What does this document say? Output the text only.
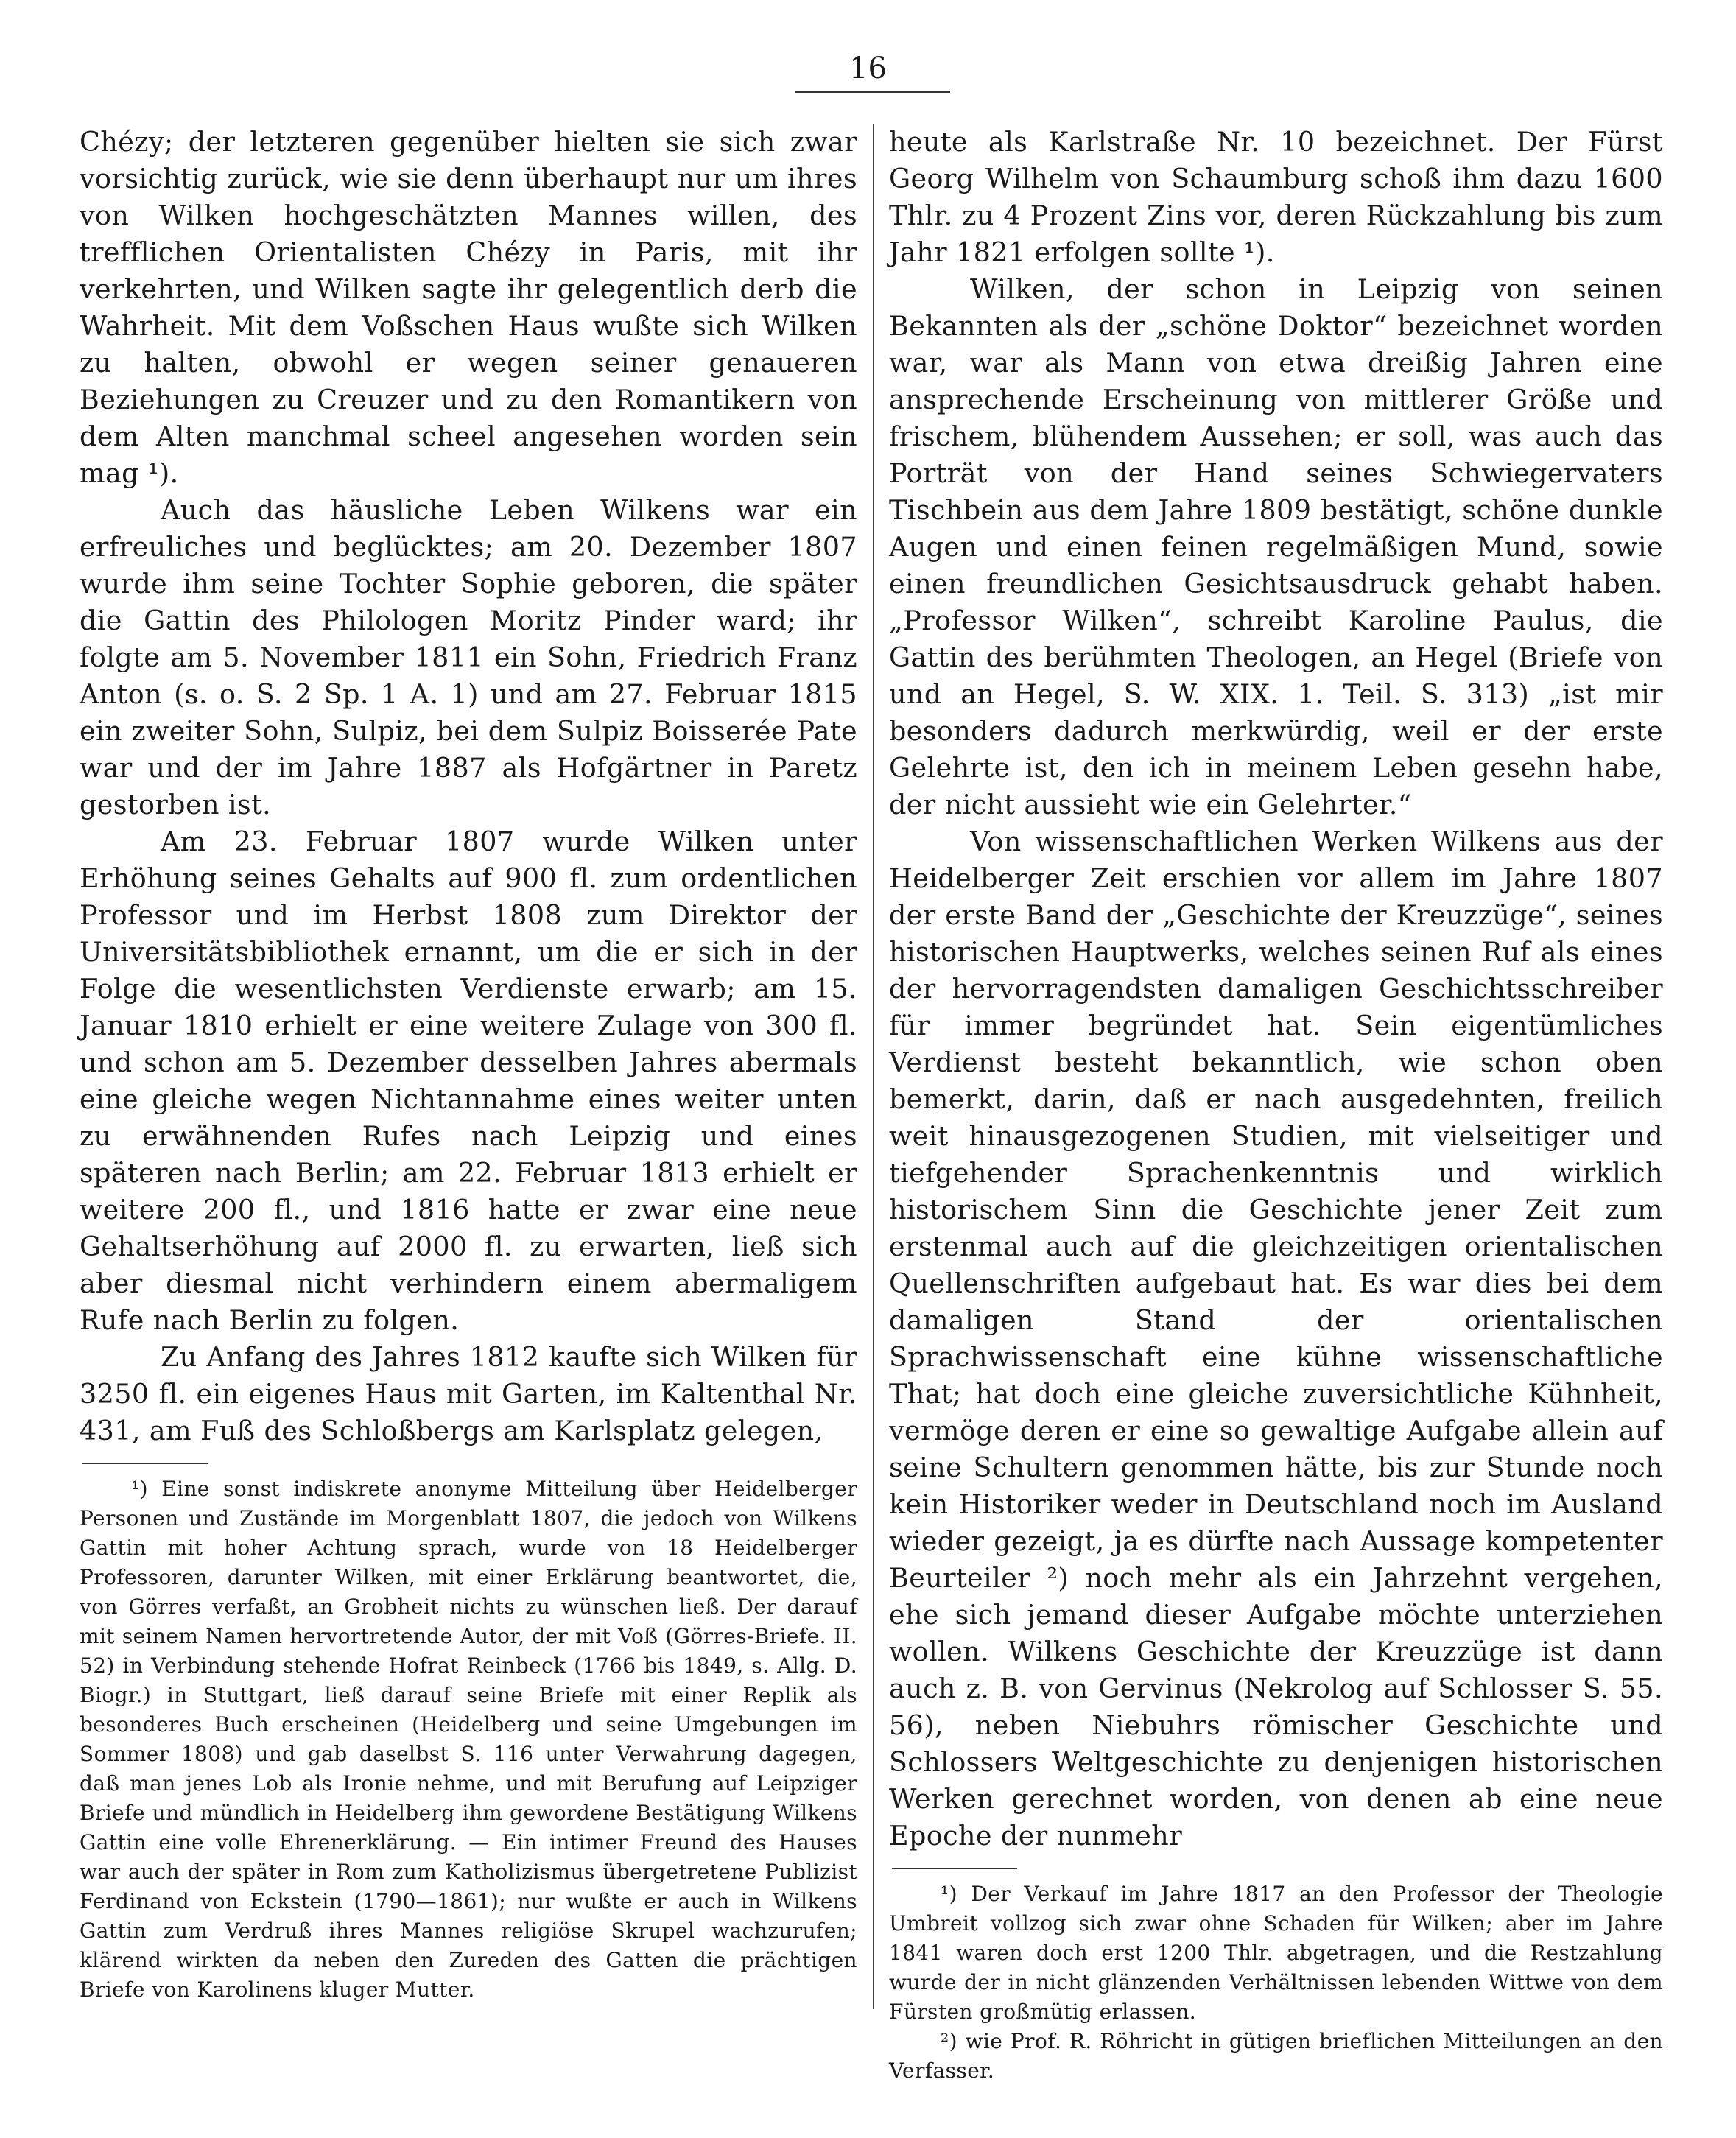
16

Chézy; der letzteren gegenüber hielten sie sich zwar vorsichtig zurück, wie sie denn überhaupt nur um ihres von Wilken hochgeschätzten Mannes willen, des trefflichen Orientalisten Chézy in Paris, mit ihr verkehrten, und Wilken sagte ihr gelegentlich derb die Wahrheit. Mit dem Voßschen Haus wußte sich Wilken zu halten, obwohl er wegen seiner genaueren Beziehungen zu Creuzer und zu den Romantikern von dem Alten manchmal scheel angesehen worden sein mag ¹).

Auch das häusliche Leben Wilkens war ein erfreuliches und beglücktes; am 20. Dezember 1807 wurde ihm seine Tochter Sophie geboren, die später die Gattin des Philologen Moritz Pinder ward; ihr folgte am 5. November 1811 ein Sohn, Friedrich Franz Anton (s. o. S. 2 Sp. 1 A. 1) und am 27. Februar 1815 ein zweiter Sohn, Sulpiz, bei dem Sulpiz Boisserée Pate war und der im Jahre 1887 als Hofgärtner in Paretz gestorben ist.

Am 23. Februar 1807 wurde Wilken unter Erhöhung seines Gehalts auf 900 fl. zum ordentlichen Professor und im Herbst 1808 zum Direktor der Universitätsbibliothek ernannt, um die er sich in der Folge die wesentlichsten Verdienste erwarb; am 15. Januar 1810 erhielt er eine weitere Zulage von 300 fl. und schon am 5. Dezember desselben Jahres abermals eine gleiche wegen Nichtannahme eines weiter unten zu erwähnenden Rufes nach Leipzig und eines späteren nach Berlin; am 22. Februar 1813 erhielt er weitere 200 fl., und 1816 hatte er zwar eine neue Gehaltserhöhung auf 2000 fl. zu erwarten, ließ sich aber diesmal nicht verhindern einem abermaligem Rufe nach Berlin zu folgen.

Zu Anfang des Jahres 1812 kaufte sich Wilken für 3250 fl. ein eigenes Haus mit Garten, im Kaltenthal Nr. 431, am Fuß des Schloßbergs am Karlsplatz gelegen,

¹) Eine sonst indiskrete anonyme Mitteilung über Heidelberger Personen und Zustände im Morgenblatt 1807, die jedoch von Wilkens Gattin mit hoher Achtung sprach, wurde von 18 Heidelberger Professoren, darunter Wilken, mit einer Erklärung beantwortet, die, von Görres verfaßt, an Grobheit nichts zu wünschen ließ. Der darauf mit seinem Namen hervortretende Autor, der mit Voß (Görres-Briefe. II. 52) in Verbindung stehende Hofrat Reinbeck (1766 bis 1849, s. Allg. D. Biogr.) in Stuttgart, ließ darauf seine Briefe mit einer Replik als besonderes Buch erscheinen (Heidelberg und seine Umgebungen im Sommer 1808) und gab daselbst S. 116 unter Verwahrung dagegen, daß man jenes Lob als Ironie nehme, und mit Berufung auf Leipziger Briefe und mündlich in Heidelberg ihm gewordene Bestätigung Wilkens Gattin eine volle Ehrenerklärung. — Ein intimer Freund des Hauses war auch der später in Rom zum Katholizismus übergetretene Publizist Ferdinand von Eckstein (1790—1861); nur wußte er auch in Wilkens Gattin zum Verdruß ihres Mannes religiöse Skrupel wachzurufen; klärend wirkten da neben den Zureden des Gatten die prächtigen Briefe von Karolinens kluger Mutter.

heute als Karlstraße Nr. 10 bezeichnet. Der Fürst Georg Wilhelm von Schaumburg schoß ihm dazu 1600 Thlr. zu 4 Prozent Zins vor, deren Rückzahlung bis zum Jahr 1821 erfolgen sollte ¹).

Wilken, der schon in Leipzig von seinen Bekannten als der „schöne Doktor“ bezeichnet worden war, war als Mann von etwa dreißig Jahren eine ansprechende Erscheinung von mittlerer Größe und frischem, blühendem Aussehen; er soll, was auch das Porträt von der Hand seines Schwiegervaters Tischbein aus dem Jahre 1809 bestätigt, schöne dunkle Augen und einen feinen regelmäßigen Mund, sowie einen freundlichen Gesichtsausdruck gehabt haben. „Professor Wilken“, schreibt Karoline Paulus, die Gattin des berühmten Theologen, an Hegel (Briefe von und an Hegel, S. W. XIX. 1. Teil. S. 313) „ist mir besonders dadurch merkwürdig, weil er der erste Gelehrte ist, den ich in meinem Leben gesehn habe, der nicht aussieht wie ein Gelehrter.“

Von wissenschaftlichen Werken Wilkens aus der Heidelberger Zeit erschien vor allem im Jahre 1807 der erste Band der „Geschichte der Kreuzzüge“, seines historischen Hauptwerks, welches seinen Ruf als eines der hervorragendsten damaligen Geschichtsschreiber für immer begründet hat. Sein eigentümliches Verdienst besteht bekanntlich, wie schon oben bemerkt, darin, daß er nach ausgedehnten, freilich weit hinausgezogenen Studien, mit vielseitiger und tiefgehender Sprachenkenntnis und wirklich historischem Sinn die Geschichte jener Zeit zum erstenmal auch auf die gleichzeitigen orientalischen Quellenschriften aufgebaut hat. Es war dies bei dem damaligen Stand der orientalischen Sprachwissenschaft eine kühne wissenschaftliche That; hat doch eine gleiche zuversichtliche Kühnheit, vermöge deren er eine so gewaltige Aufgabe allein auf seine Schultern genommen hätte, bis zur Stunde noch kein Historiker weder in Deutschland noch im Ausland wieder gezeigt, ja es dürfte nach Aussage kompetenter Beurteiler ²) noch mehr als ein Jahrzehnt vergehen, ehe sich jemand dieser Aufgabe möchte unterziehen wollen. Wilkens Geschichte der Kreuzzüge ist dann auch z. B. von Gervinus (Nekrolog auf Schlosser S. 55. 56), neben Niebuhrs römischer Geschichte und Schlossers Weltgeschichte zu denjenigen historischen Werken gerechnet worden, von denen ab eine neue Epoche der nunmehr

¹) Der Verkauf im Jahre 1817 an den Professor der Theologie Umbreit vollzog sich zwar ohne Schaden für Wilken; aber im Jahre 1841 waren doch erst 1200 Thlr. abgetragen, und die Restzahlung wurde der in nicht glänzenden Verhältnissen lebenden Wittwe von dem Fürsten großmütig erlassen.

²) wie Prof. R. Röhricht in gütigen brieflichen Mitteilungen an den Verfasser.
